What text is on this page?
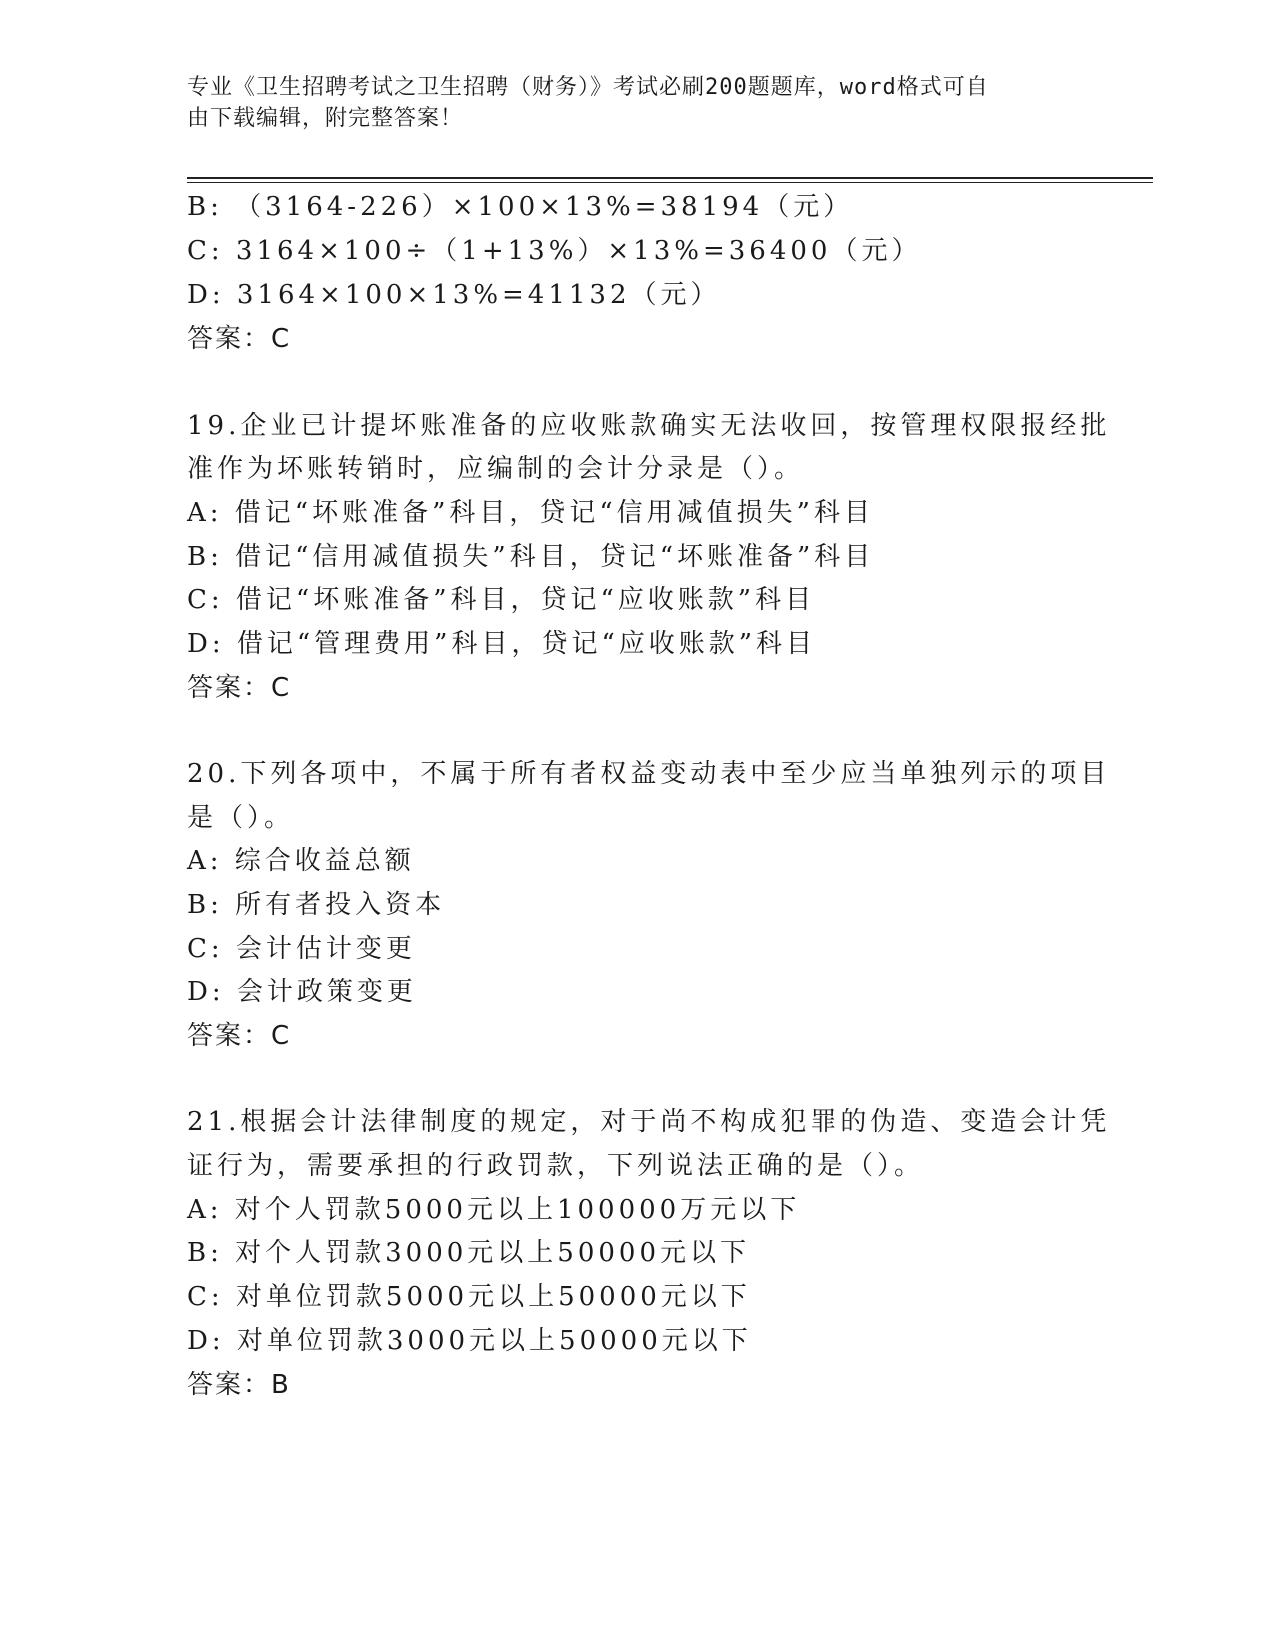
专业《卫生招聘考试之卫生招聘（财务）》考试必刷200题题库，word格式可自
由下载编辑，附完整答案！
B: （3164-226）×100×13%=38194（元）
C: 3164×100÷（1+13%）×13%=36400（元）
D: 3164×100×13%=41132（元）
答案：C
19.企业已计提坏账准备的应收账款确实无法收回，按管理权限报经批
准作为坏账转销时，应编制的会计分录是（）。
A: 借记“坏账准备”科目，贷记“信用减值损失”科目
B: 借记“信用减值损失”科目，贷记“坏账准备”科目
C: 借记“坏账准备”科目，贷记“应收账款”科目
D: 借记“管理费用”科目，贷记“应收账款”科目
答案：C
20.下列各项中，不属于所有者权益变动表中至少应当单独列示的项目
是（）。
A: 综合收益总额
B: 所有者投入资本
C: 会计估计变更
D: 会计政策变更
答案：C
21.根据会计法律制度的规定，对于尚不构成犯罪的伪造、变造会计凭
证行为，需要承担的行政罚款，下列说法正确的是（）。
A: 对个人罚款5000元以上100000万元以下
B: 对个人罚款3000元以上50000元以下
C: 对单位罚款5000元以上50000元以下
D: 对单位罚款3000元以上50000元以下
答案：B
